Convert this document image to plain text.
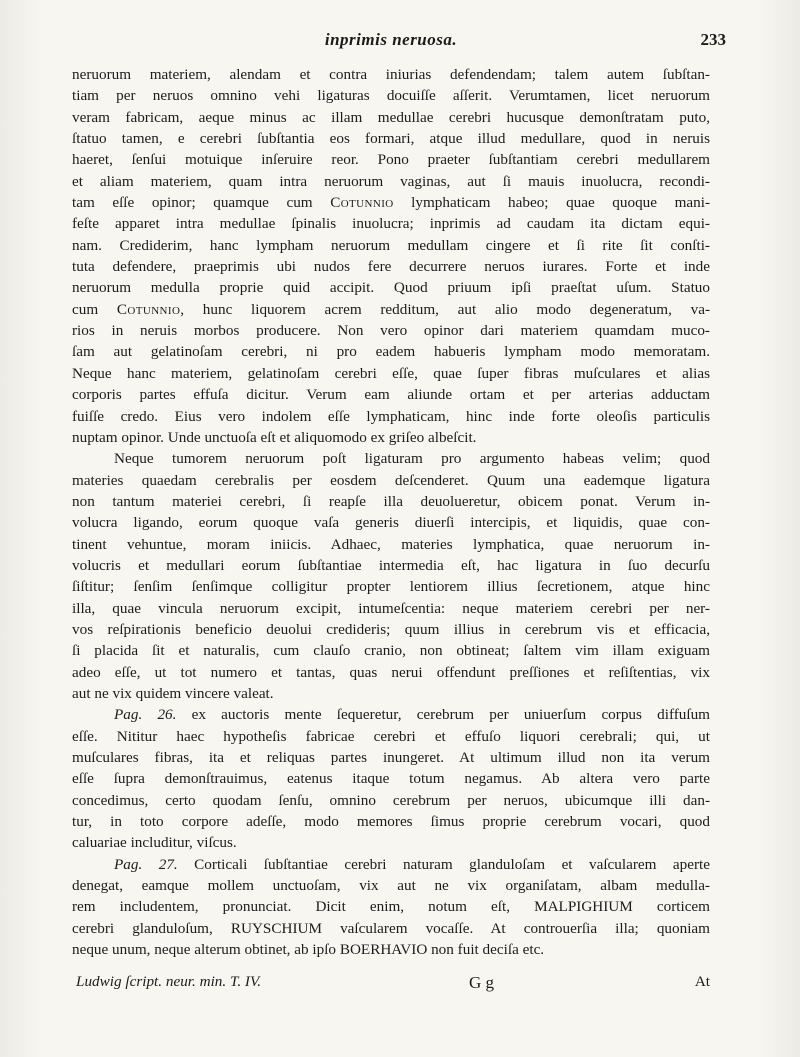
inprimis neruosa.	233
neruorum materiem, alendam et contra iniurias defendendam; talem autem ſubſtan-
tiam per neruos omnino vehi ligaturas docuiſſe aſſerit. Verumtamen, licet neruorum
veram fabricam, aeque minus ac illam medullae cerebri hucusque demonſtratam puto,
ſtatuo tamen, e cerebri ſubſtantia eos formari, atque illud medullare, quod in neruis
haeret, ſenſui motuique inſeruire reor. Pono praeter ſubſtantiam cerebri medullarem
et aliam materiem, quam intra neruorum vaginas, aut ſi mauis inuolucra, recondi-
tam eſſe opinor; quamque cum Cotunnio lymphaticam habeo; quae quoque mani-
feſte apparet intra medullae ſpinalis inuolucra; inprimis ad caudam ita dictam equi-
nam. Crediderim, hanc lympham neruorum medullam cingere et ſi rite ſit conſti-
tuta defendere, praeprimis ubi nudos fere decurrere neruos iurares. Forte et inde
neruorum medulla proprie quid accipit. Quod priuum ipſi praeſtat uſum. Statuo
cum Cotunnio, hunc liquorem acrem redditum, aut alio modo degeneratum, va-
rios in neruis morbos producere. Non vero opinor dari materiem quamdam muco-
ſam aut gelatinoſam cerebri, ni pro eadem habueris lympham modo memoratam.
Neque hanc materiem, gelatinoſam cerebri eſſe, quae ſuper fibras muſculares et alias
corporis partes effuſa dicitur. Verum eam aliunde ortam et per arterias adductam
fuiſſe credo. Eius vero indolem eſſe lymphaticam, hinc inde forte oleoſis particulis
nuptam opinor. Unde unctuoſa eſt et aliquomodo ex griſeo albeſcit.
Neque tumorem neruorum poſt ligaturam pro argumento habeas velim; quod
materies quaedam cerebralis per eosdem deſcenderet. Quum una eademque ligatura
non tantum materiei cerebri, ſi reapſe illa deuolueretur, obicem ponat. Verum in-
volucra ligando, eorum quoque vaſa generis diuerſi intercipis, et liquidis, quae con-
tinent vehuntue, moram iniicis. Adhaec, materies lymphatica, quae neruorum in-
volucris et medullari eorum ſubſtantiae intermedia eſt, hac ligatura in ſuo decurſu
ſiſtitur; ſenſim ſenſimque colligitur propter lentiorem illius ſecretionem, atque hinc
illa, quae vincula neruorum excipit, intumeſcentia: neque materiem cerebri per ner-
vos reſpirationis beneficio deuolui credideris; quum illius in cerebrum vis et efficacia,
ſi placida ſit et naturalis, cum clauſo cranio, non obtineat; ſaltem vim illam exiguam
adeo eſſe, ut tot numero et tantas, quas nerui offendunt preſſiones et reſiſtentias, vix
aut ne vix quidem vincere valeat.
Pag. 26. ex auctoris mente ſequeretur, cerebrum per uniuerſum corpus diffuſum
eſſe. Nititur haec hypotheſis fabricae cerebri et effuſo liquori cerebrali; qui, ut
muſculares fibras, ita et reliquas partes inungeret. At ultimum illud non ita verum
eſſe ſupra demonſtrauimus, eatenus itaque totum negamus. Ab altera vero parte
concedimus, certo quodam ſenſu, omnino cerebrum per neruos, ubicumque illi dan-
tur, in toto corpore adeſſe, modo memores ſimus proprie cerebrum vocari, quod
caluariae includitur, viſcus.
Pag. 27. Corticali ſubſtantiae cerebri naturam glanduloſam et vaſcularem aperte
denegat, eamque mollem unctuoſam, vix aut ne vix organiſatam, albam medulla-
rem includentem, pronunciat. Dicit enim, notum eſt, MALPIGHIUM corticem
cerebri glanduloſum, RUYSCHIUM vaſcularem vocaſſe. At controuerſia illa; quoniam
neque unum, neque alterum obtinet, ab ipſo BOERHAVIO non fuit deciſa etc.
Ludwig ſcript. neur. min. T. IV.	G g	At
